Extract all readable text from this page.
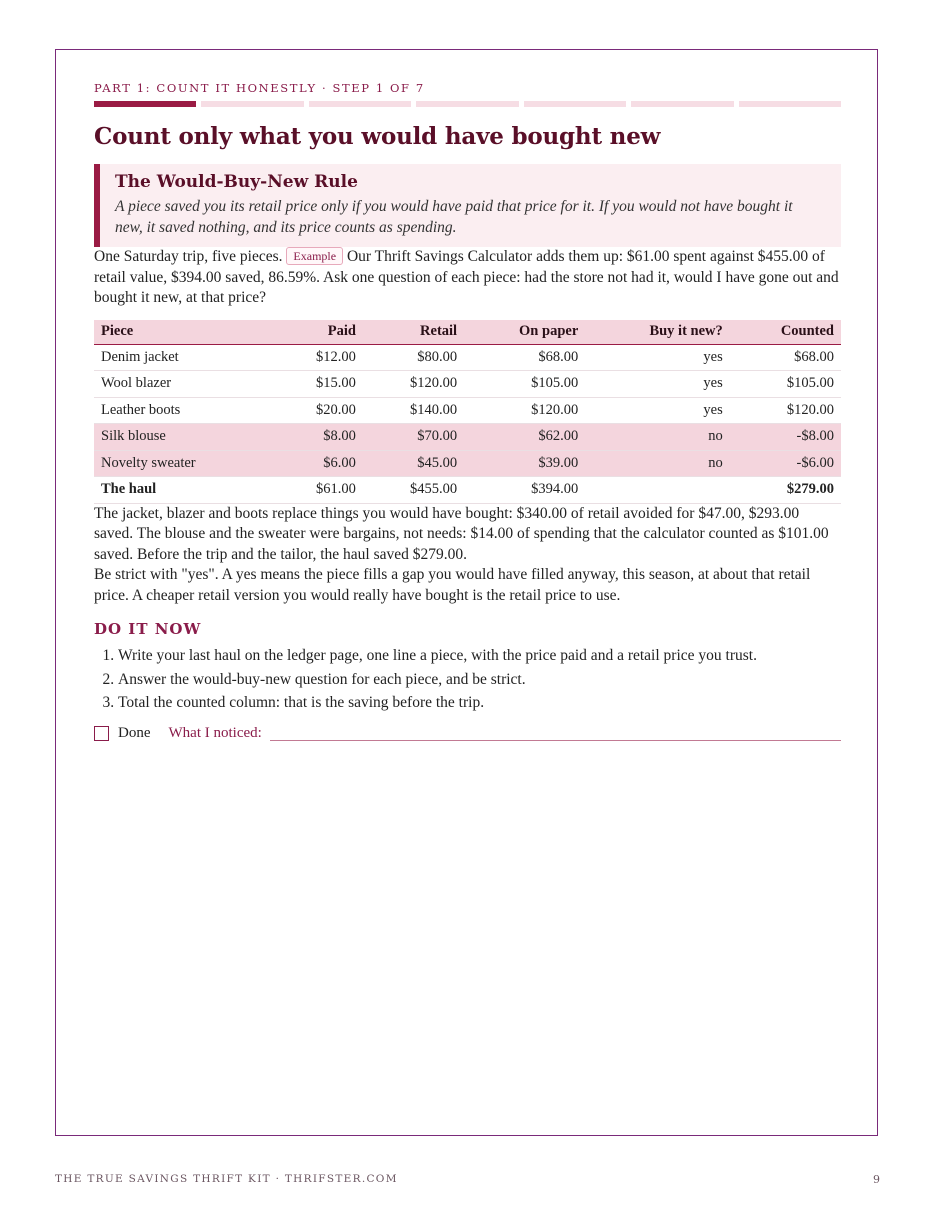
PART 1: COUNT IT HONESTLY · STEP 1 OF 7
Count only what you would have bought new
The Would-Buy-New Rule
A piece saved you its retail price only if you would have paid that price for it. If you would not have bought it new, it saved nothing, and its price counts as spending.

One Saturday trip, five pieces. Example Our Thrift Savings Calculator adds them up: $61.00 spent against $455.00 of retail value, $394.00 saved, 86.59%. Ask one question of each piece: had the store not had it, would I have gone out and bought it new, at that price?

Piece	Paid	Retail	On paper	Buy it new?	Counted
Denim jacket	$12.00	$80.00	$68.00	yes	$68.00
Wool blazer	$15.00	$120.00	$105.00	yes	$105.00
Leather boots	$20.00	$140.00	$120.00	yes	$120.00
Silk blouse	$8.00	$70.00	$62.00	no	-$8.00
Novelty sweater	$6.00	$45.00	$39.00	no	-$6.00
The haul	$61.00	$455.00	$394.00		$279.00

The jacket, blazer and boots replace things you would have bought: $340.00 of retail avoided for $47.00, $293.00 saved. The blouse and the sweater were bargains, not needs: $14.00 of spending that the calculator counted as $101.00 saved. Before the trip and the tailor, the haul saved $279.00.

Be strict with "yes". A yes means the piece fills a gap you would have filled anyway, this season, at about that retail price. A cheaper retail version you would really have bought is the retail price to use.

DO IT NOW
1. Write your last haul on the ledger page, one line a piece, with the price paid and a retail price you trust.
2. Answer the would-buy-new question for each piece, and be strict.
3. Total the counted column: that is the saving before the trip.
Done What I noticed:
THE TRUE SAVINGS THRIFT KIT · THRIFSTER.COM	9
